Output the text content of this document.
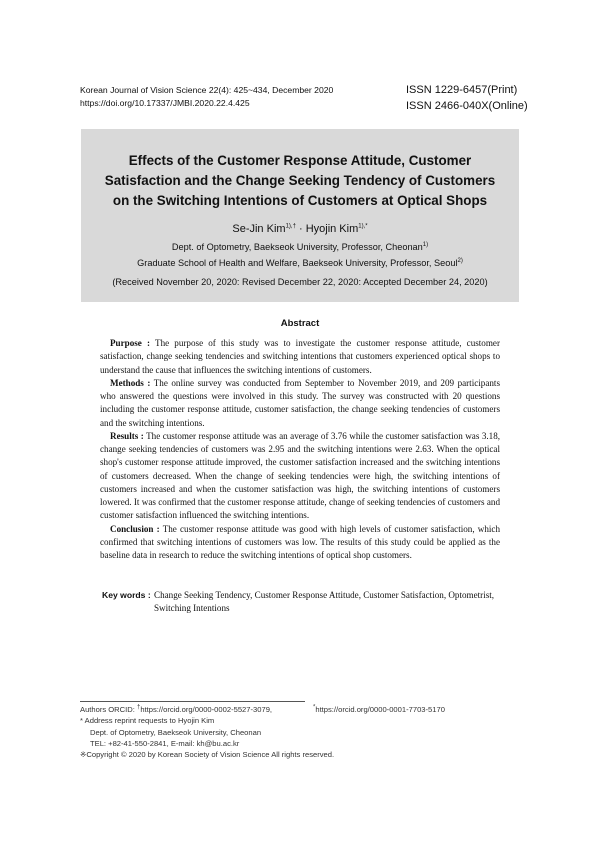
Korean Journal of Vision Science 22(4): 425~434, December 2020
https://doi.org/10.17337/JMBI.2020.22.4.425
ISSN 1229-6457(Print)
ISSN 2466-040X(Online)
Effects of the Customer Response Attitude, Customer
Satisfaction and the Change Seeking Tendency of Customers
on the Switching Intentions of Customers at Optical Shops
Se-Jin Kim$^{1),\dagger}$ · Hyojin Kim$^{1),*}$
Dept. of Optometry, Baekseok University, Professor, Cheonan$^{1)}$
Graduate School of Health and Welfare, Baekseok University, Professor, Seoul$^{2)}$
(Received November 20, 2020: Revised December 22, 2020: Accepted December 24, 2020)
Abstract

Purpose : The purpose of this study was to investigate the customer response attitude, customer satisfaction, change seeking tendencies and switching intentions that customers experienced optical shops to understand the cause that influences the switching intentions of customers.

Methods : The online survey was conducted from September to November 2019, and 209 participants who answered the questions were involved in this study. The survey was constructed with 20 questions including the customer response attitude, customer satisfaction, the change seeking tendencies of customers and the switching intentions.

Results : The customer response attitude was an average of 3.76 while the customer satisfaction was 3.18, change seeking tendencies of customers was 2.95 and the switching intentions were 2.63. When the optical shop's customer response attitude improved, the customer satisfaction increased and the switching intentions of customers decreased. When the change of seeking tendencies were high, the switching intentions of customers increased and when the customer satisfaction was high, the switching intentions of customers lowered. It was confirmed that the customer response attitude, change of seeking tendencies of customers and customer satisfaction influenced the switching intentions.

Conclusion : The customer response attitude was good with high levels of customer satisfaction, which confirmed that switching intentions of customers was low. The results of this study could be applied as the baseline data in research to reduce the switching intentions of optical shop customers.

Key words : Change Seeking Tendency, Customer Response Attitude, Customer Satisfaction, Optometrist, Switching Intentions
Authors ORCID: †https://orcid.org/0000-0002-5527-3079,	*https://orcid.org/0000-0001-7703-5170
* Address reprint requests to Hyojin Kim
Dept. of Optometry, Baekseok University, Cheonan
TEL: +82-41-550-2841, E-mail: kh@bu.ac.kr
※Copyright © 2020 by Korean Society of Vision Science All rights reserved.
